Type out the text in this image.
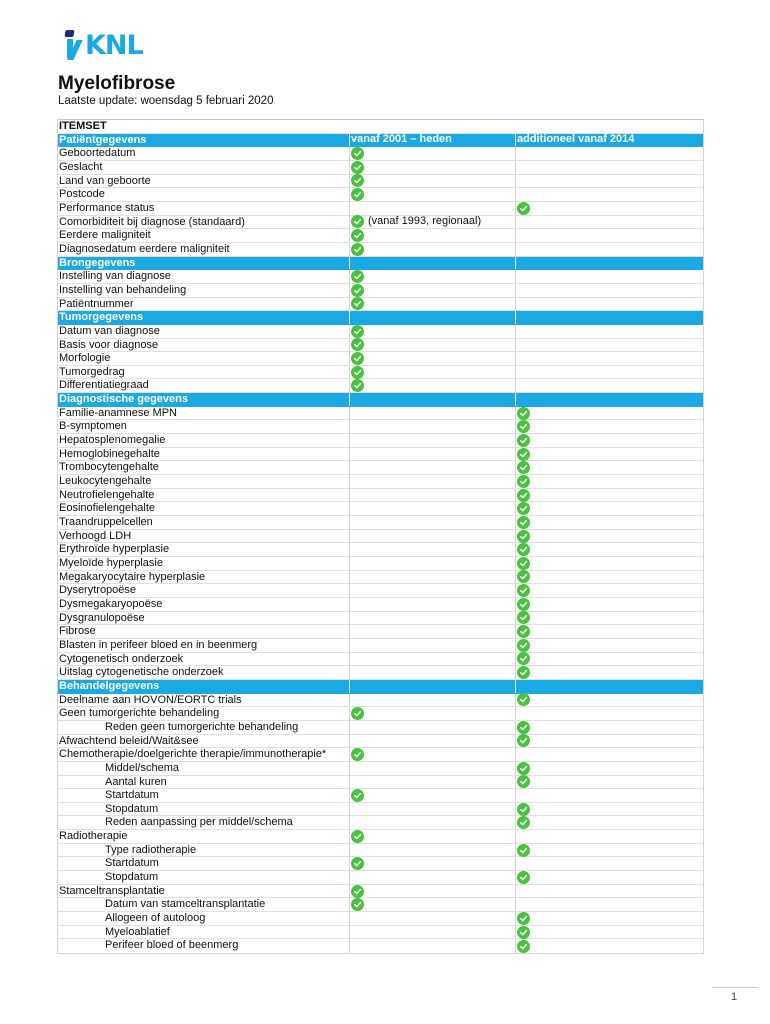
KNL
Myelofibrose
Laatste update: woensdag 5 februari 2020
ITEMSET
Patiëntgegevens	vanaf 2001 – heden	additioneel vanaf 2014
Geboortedatum
Geslacht
Land van geboorte
Postcode
Performance status
Comorbiditeit bij diagnose (standaard)	(vanaf 1993, regionaal)
Eerdere maligniteit
Diagnosedatum eerdere maligniteit
Brongegevens
Instelling van diagnose
Instelling van behandeling
Patiëntnummer
Tumorgegevens
Datum van diagnose
Basis voor diagnose
Morfologie
Tumorgedrag
Differentiatiegraad
Diagnostische gegevens
Familie-anamnese MPN
B-symptomen
Hepatosplenomegalie
Hemoglobinegehalte
Trombocytengehalte
Leukocytengehalte
Neutrofielengehalte
Eosinofielengehalte
Traandruppelcellen
Verhoogd LDH
Erythroïde hyperplasie
Myeloïde hyperplasie
Megakaryocytaire hyperplasie
Dyserytropoëse
Dysmegakaryopoëse
Dysgranulopoëse
Fibrose
Blasten in perifeer bloed en in beenmerg
Cytogenetisch onderzoek
Uitslag cytogenetische onderzoek
Behandelgegevens
Deelname aan HOVON/EORTC trials
Geen tumorgerichte behandeling
Reden geen tumorgerichte behandeling
Afwachtend beleid/Wait&see
Chemotherapie/doelgerichte therapie/immunotherapie*
Middel/schema
Aantal kuren
Startdatum
Stopdatum
Reden aanpassing per middel/schema
Radiotherapie
Type radiotherapie
Startdatum
Stopdatum
Stamceltransplantatie
Datum van stamceltransplantatie
Allogeen of autoloog
Myeloablatief
Perifeer bloed of beenmerg
1
